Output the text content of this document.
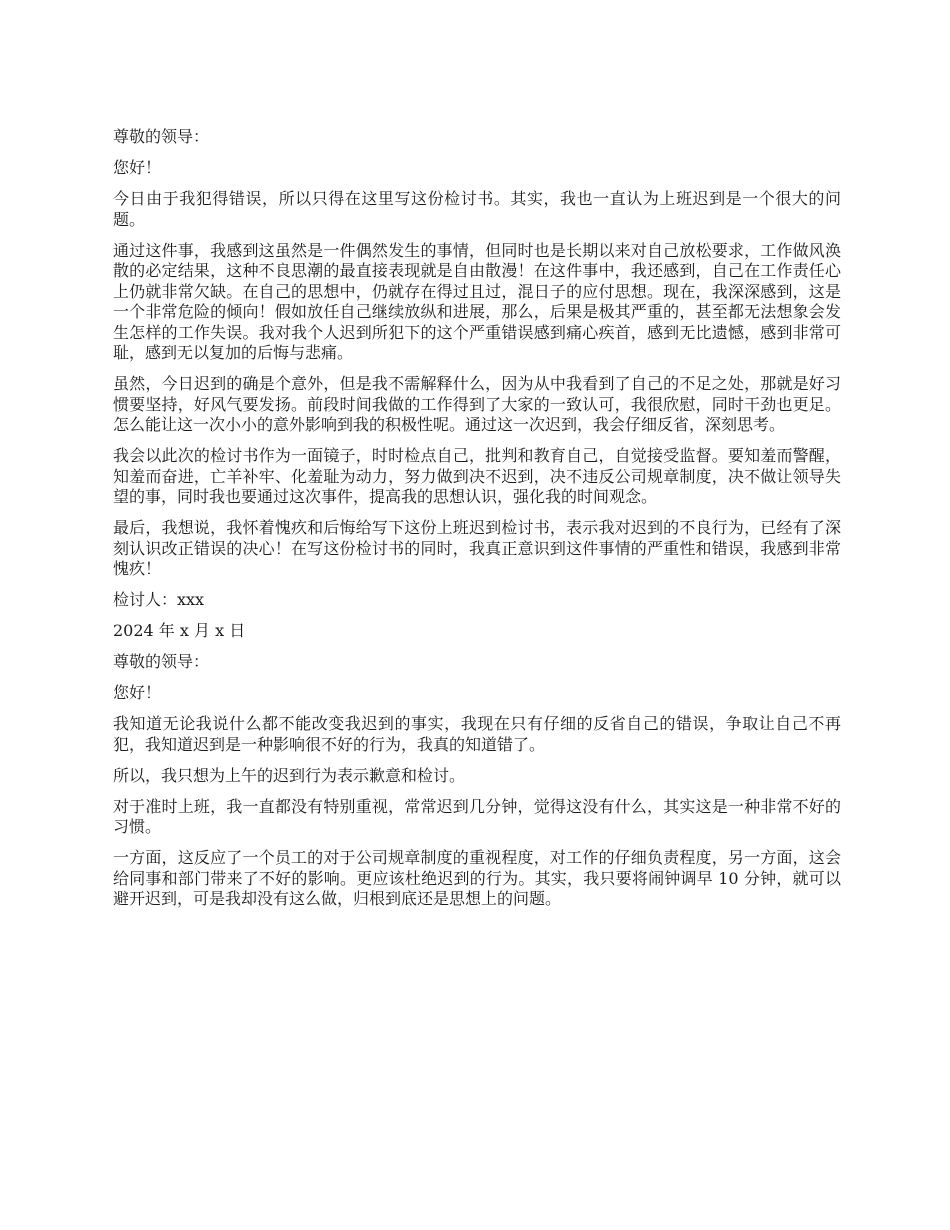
尊敬的领导：

您好！

今日由于我犯得错误，所以只得在这里写这份检讨书。其实，我也一直认为上班迟到是一个很大的问题。

通过这件事，我感到这虽然是一件偶然发生的事情，但同时也是长期以来对自己放松要求，工作做风涣散的必定结果，这种不良思潮的最直接表现就是自由散漫！在这件事中，我还感到，自己在工作责任心上仍就非常欠缺。在自己的思想中，仍就存在得过且过，混日子的应付思想。现在，我深深感到，这是一个非常危险的倾向！假如放任自己继续放纵和进展，那么，后果是极其严重的，甚至都无法想象会发生怎样的工作失误。我对我个人迟到所犯下的这个严重错误感到痛心疾首，感到无比遗憾，感到非常可耻，感到无以复加的后悔与悲痛。

虽然，今日迟到的确是个意外，但是我不需解释什么，因为从中我看到了自己的不足之处，那就是好习惯要坚持，好风气要发扬。前段时间我做的工作得到了大家的一致认可，我很欣慰，同时干劲也更足。怎么能让这一次小小的意外影响到我的积极性呢。通过这一次迟到，我会仔细反省，深刻思考。

我会以此次的检讨书作为一面镜子，时时检点自己，批判和教育自己，自觉接受监督。要知羞而警醒，知羞而奋进，亡羊补牢、化羞耻为动力，努力做到决不迟到，决不违反公司规章制度，决不做让领导失望的事，同时我也要通过这次事件，提高我的思想认识，强化我的时间观念。

最后，我想说，我怀着愧疚和后悔给写下这份上班迟到检讨书，表示我对迟到的不良行为，已经有了深刻认识改正错误的决心！在写这份检讨书的同时，我真正意识到这件事情的严重性和错误，我感到非常愧疚！

检讨人：xxx

2024 年 x 月 x 日

尊敬的领导：

您好！

我知道无论我说什么都不能改变我迟到的事实，我现在只有仔细的反省自己的错误，争取让自己不再犯，我知道迟到是一种影响很不好的行为，我真的知道错了。

所以，我只想为上午的迟到行为表示歉意和检讨。

对于准时上班，我一直都没有特别重视，常常迟到几分钟，觉得这没有什么，其实这是一种非常不好的习惯。

一方面，这反应了一个员工的对于公司规章制度的重视程度，对工作的仔细负责程度，另一方面，这会给同事和部门带来了不好的影响。更应该杜绝迟到的行为。其实，我只要将闹钟调早 10 分钟，就可以避开迟到，可是我却没有这么做，归根到底还是思想上的问题。
